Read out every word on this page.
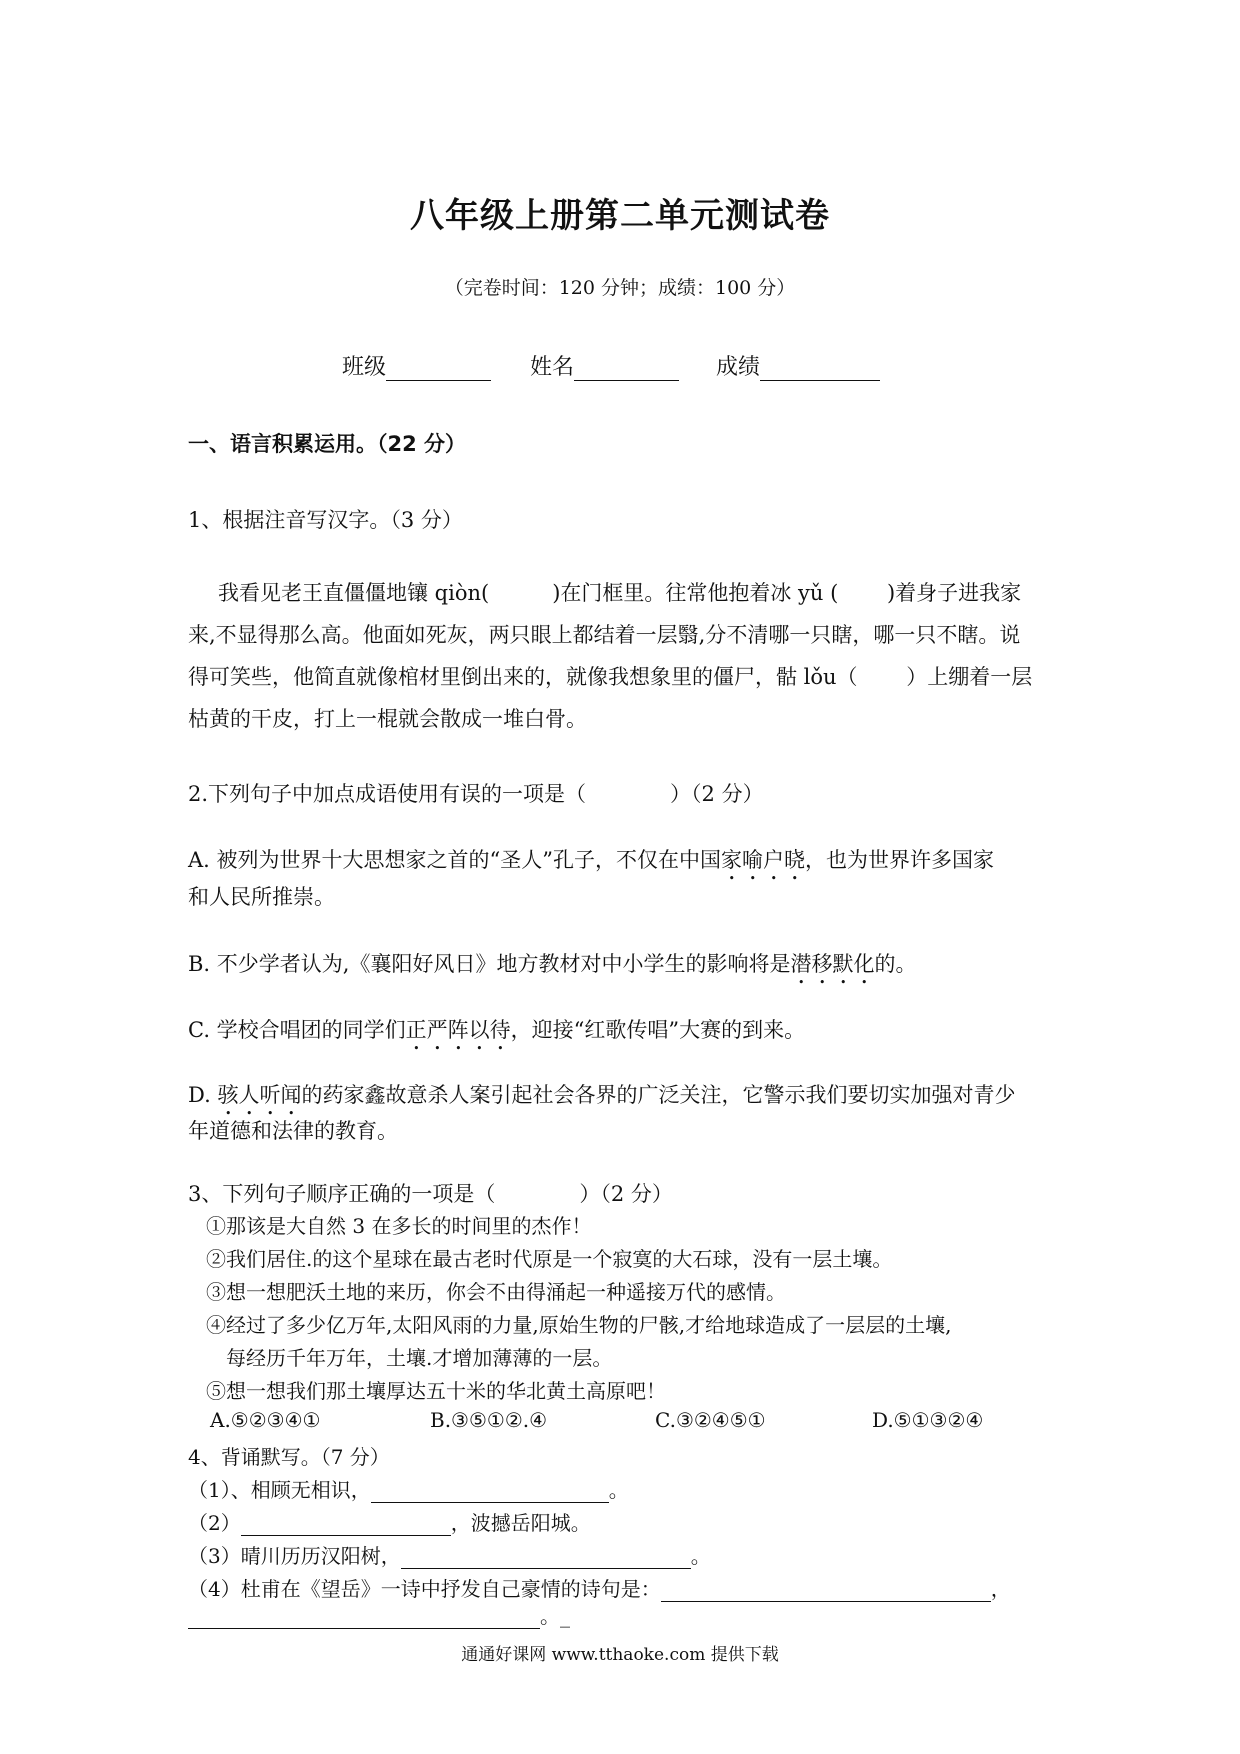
八年级上册第二单元测试卷
（完卷时间：120 分钟；成绩：100 分）
班级	姓名	成绩
一、语言积累运用。（22 分）
1、根据注音写汉字。（3 分）
我看见老王直僵僵地镶 qiòn(　　　)在门框里。往常他抱着冰 yǔ (　　 )着身子进我家
来,不显得那么高。他面如死灰，两只眼上都结着一层翳,分不清哪一只瞎，哪一只不瞎。说
得可笑些，他简直就像棺材里倒出来的，就像我想象里的僵尸，骷 lǒu（　　 ）上绷着一层
枯黄的干皮，打上一棍就会散成一堆白骨。
2.下列句子中加点成语使用有误的一项是（　　　　）（2 分）
A. 被列为世界十大思想家之首的“圣人”孔子，不仅在中国家喻户晓，也为世界许多国家
和人民所推崇。
B. 不少学者认为,《襄阳好风日》地方教材对中小学生的影响将是潜移默化的。
C. 学校合唱团的同学们正严阵以待，迎接“红歌传唱”大赛的到来。
D. 骇人听闻的药家鑫故意杀人案引起社会各界的广泛关注，它警示我们要切实加强对青少
年道德和法律的教育。
3、下列句子顺序正确的一项是（　　　　）（2 分）
①那该是大自然 3 在多长的时间里的杰作！
②我们居住.的这个星球在最古老时代原是一个寂寞的大石球，没有一层土壤。
③想一想肥沃土地的来历，你会不由得涌起一种遥接万代的感情。
④经过了多少亿万年,太阳风雨的力量,原始生物的尸骸,才给地球造成了一层层的土壤,
　每经历千年万年，土壤.才增加薄薄的一层。
⑤想一想我们那土壤厚达五十米的华北黄土高原吧！
A.⑤②③④①	B.③⑤①②.④	C.③②④⑤①	D.⑤①③②④
4、背诵默写。（7 分）
（1）、相顾无相识，	。
（2）	，波撼岳阳城。
（3）晴川历历汉阳树，	。
（4）杜甫在《望岳》一诗中抒发自己豪情的诗句是：	，
。_
通通好课网 www.tthaoke.com 提供下载
